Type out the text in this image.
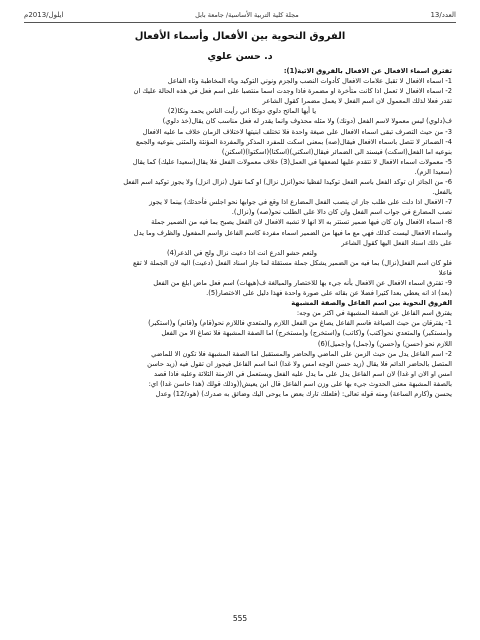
العدد/13
مجلة كلية التربية الأساسية/ جامعة بابل
ايلول/2013م
الفروق النحوية بين الأفعال وأسماء الأفعال
د. حسن علوي

تفترق اسماء الافعال عن الافعال بالفروق الاتية(1):

1- اسماء الافعال لا تقبل علامات الافعال كأدوات النصب والجزم ونوني التوكيد وياء المخاطبة وتاء الفاعل

2- اسماء الافعال لا تعمل اذا كانت متأخرة او مضمرة فاذا وجدت اسما منتصبا على اسم فعل في هذه الحالة عليك ان

تقدر فعلا لذلك المعمول لان اسم الفعل لا يعمل مضمرا كقول الشاعر

يا أيها المائح دلوي دونكا اني رأيت الناس يحمد ونكا(2)

ف(دلوي) ليس معمولا لاسم الفعل (دونك) ولا مثله محذوف وانما يقدر له فعل مناسب كان يقال(خذ دلوي)

3- من حيث التصرف تبقى اسماء الافعال على صيغة واحدة فلا تختلف ابنيتها لاختلاف الزمان خلاف ما عليه الافعال

4- الضمائر لا تتصل باسماء الافعال فيقال(صه) بمعنى اسكت للمفرد المذكر والمفردة المؤنثة والمثنى بنوعيه والجمع

بنوعيه اما الفعل(اسكت) فيسند الى الضمائر فيقال(اسكتي)(اسكتا)(اسكتوا)(اسكتن)

5- معمولات اسماء الافعال لا تتقدم عليها لضعفها في العمل(3) خلاف معمولات الفعل فلا يقال(سعيدا عليك) كما يقال

(سعيدا الزم).

6- من الجائز ان توكد الفعل باسم الفعل توكيدا لفظيا نحو(انزل نزال) او كما نقول (نزال انزل) ولا يجوز توكيد اسم الفعل

بالفعل.

7- الافعال اذا دلت على طلب جاز ان ينصب الفعل المضارع اذا وقع في جوابها نحو اجلس فأحدثك) بينما لا يجوز

نصب المضارع في جواب اسم الفعل وان كان دالا على الطلب نحو(صه) و(نزال).

8- اسماء الافعال وان كان فيها ضمير تستتر به الا انها لا تشبه الافعال لان الفعل يصبح بما فيه من الضمير جملة

واسماء الافعال ليست كذلك فهي مع ما فيها من الضمير اسماء مفردة كاسم الفاعل واسم المفعول والظرف وما يدل

على ذلك اسناد الفعل اليها كقول الشاعر

ولنعم حشو الدرع انت اذا دعيت نزال ولج في الذعر(4)

فلو كان اسم الفعل(نزال) بما فيه من الضمير يشكل جملة مستقلة لما جاز اسناد الفعل (دعيت) اليه لان الجملة لا تقع

فاعلا

9- تفترق اسماء الافعال عن الافعال بأنه جيء بها للاختصار والمبالغة ف(هيهات) اسم فعل ماض ابلغ من الفعل

(بعد) اذ انه يعطي بعدا كثيرا فضلا عن بقائه على صورة واحدة فهذا دليل على الاختصار(5).

الفروق النحوية بين اسم الفاعل والصفة المشبهة

يفترق اسم الفاعل عن الصفة المشبهة في اكثر من وجه:

1- يفترقان من حيث الصياغة فاسم الفاعل يصاغ من الفعل اللازم والمتعدي فاللازم نحو(قام) و(قائم) و(استكبر)

و(مستكبر) والمتعدي نحو(كتب) و(كاتب) و(استخرج) و(مستخرج) اما الصفة المشبهة فلا تصاغ الا من الفعل

اللازم نحو (حسن) و(حسن) و(جمل) و(جميل)(6)

2- اسم الفاعل يدل من حيث الزمن على الماضي والحاضر والمستقبل اما الصفة المشبهة فلا تكون الا للماضي

المتصل بالحاضر الدائم فلا يقال (زيد حسن الوجه امس ولا غدا) انما اسم الفاعل فيجوز ان تقول فيه (زيد حاسن

امس او الان او غدا) لان اسم الفاعل يدل على ما يدل عليه الفعل ويستعمل في الازمنة الثلاثة وعليه فاذا قصد

بالصفة المشبهة معنى الحدوث جيء بها على وزن اسم الفاعل قال ابن يعيش((وذلك قولك (هذا حاسن غدا) اي:

يحسن و(كارم الساعة) ومنه قوله تعالى: (فلعلك تارك بعض ما يوحى اليك وضائق به صدرك) (هود/12) وعدل

555
